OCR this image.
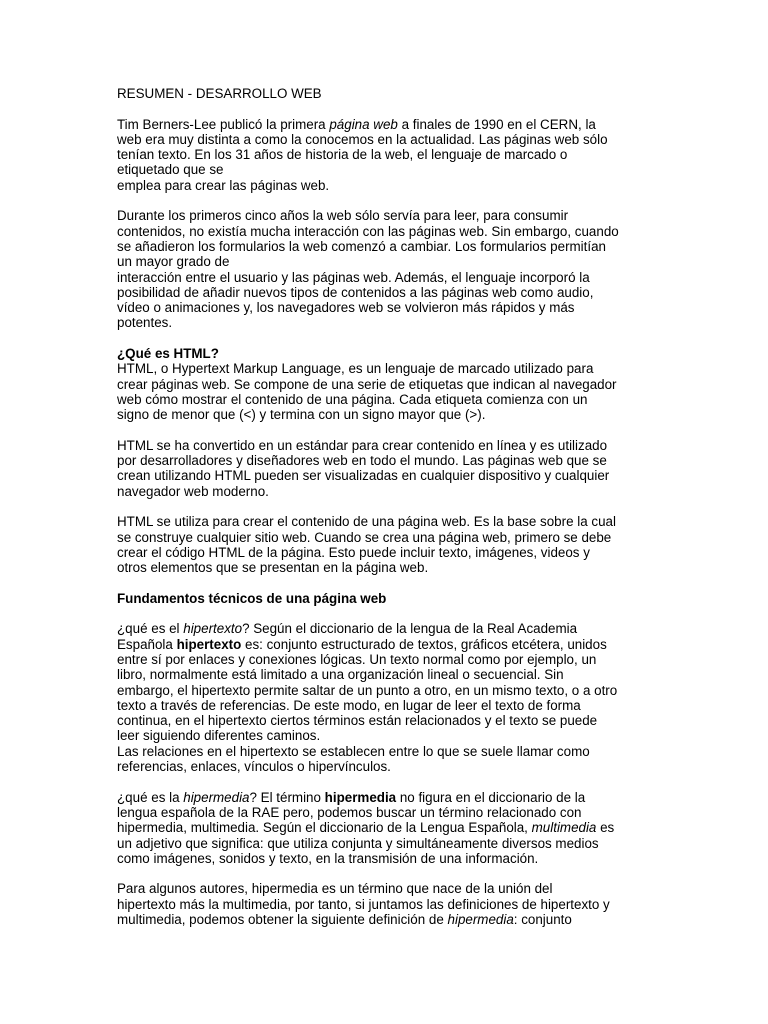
RESUMEN - DESARROLLO WEB
Tim Berners-Lee publicó la primera página web a finales de 1990 en el CERN, la
web era muy distinta a como la conocemos en la actualidad. Las páginas web sólo
tenían texto. En los 31 años de historia de la web, el lenguaje de marcado o
etiquetado que se
emplea para crear las páginas web.
Durante los primeros cinco años la web sólo servía para leer, para consumir
contenidos, no existía mucha interacción con las páginas web. Sin embargo, cuando
se añadieron los formularios la web comenzó a cambiar. Los formularios permitían
un mayor grado de
interacción entre el usuario y las páginas web. Además, el lenguaje incorporó la
posibilidad de añadir nuevos tipos de contenidos a las páginas web como audio,
vídeo o animaciones y, los navegadores web se volvieron más rápidos y más
potentes.
¿Qué es HTML?
HTML, o Hypertext Markup Language, es un lenguaje de marcado utilizado para
crear páginas web. Se compone de una serie de etiquetas que indican al navegador
web cómo mostrar el contenido de una página. Cada etiqueta comienza con un
signo de menor que (<) y termina con un signo mayor que (>).
HTML se ha convertido en un estándar para crear contenido en línea y es utilizado
por desarrolladores y diseñadores web en todo el mundo. Las páginas web que se
crean utilizando HTML pueden ser visualizadas en cualquier dispositivo y cualquier
navegador web moderno.
HTML se utiliza para crear el contenido de una página web. Es la base sobre la cual
se construye cualquier sitio web. Cuando se crea una página web, primero se debe
crear el código HTML de la página. Esto puede incluir texto, imágenes, videos y
otros elementos que se presentan en la página web.
Fundamentos técnicos de una página web
¿qué es el hipertexto? Según el diccionario de la lengua de la Real Academia
Española hipertexto es: conjunto estructurado de textos, gráficos etcétera, unidos
entre sí por enlaces y conexiones lógicas. Un texto normal como por ejemplo, un
libro, normalmente está limitado a una organización lineal o secuencial. Sin
embargo, el hipertexto permite saltar de un punto a otro, en un mismo texto, o a otro
texto a través de referencias. De este modo, en lugar de leer el texto de forma
continua, en el hipertexto ciertos términos están relacionados y el texto se puede
leer siguiendo diferentes caminos.
Las relaciones en el hipertexto se establecen entre lo que se suele llamar como
referencias, enlaces, vínculos o hipervínculos.
¿qué es la hipermedia? El término hipermedia no figura en el diccionario de la
lengua española de la RAE pero, podemos buscar un término relacionado con
hipermedia, multimedia. Según el diccionario de la Lengua Española, multimedia es
un adjetivo que significa: que utiliza conjunta y simultáneamente diversos medios
como imágenes, sonidos y texto, en la transmisión de una información.
Para algunos autores, hipermedia es un término que nace de la unión del
hipertexto más la multimedia, por tanto, si juntamos las definiciones de hipertexto y
multimedia, podemos obtener la siguiente definición de hipermedia: conjunto
